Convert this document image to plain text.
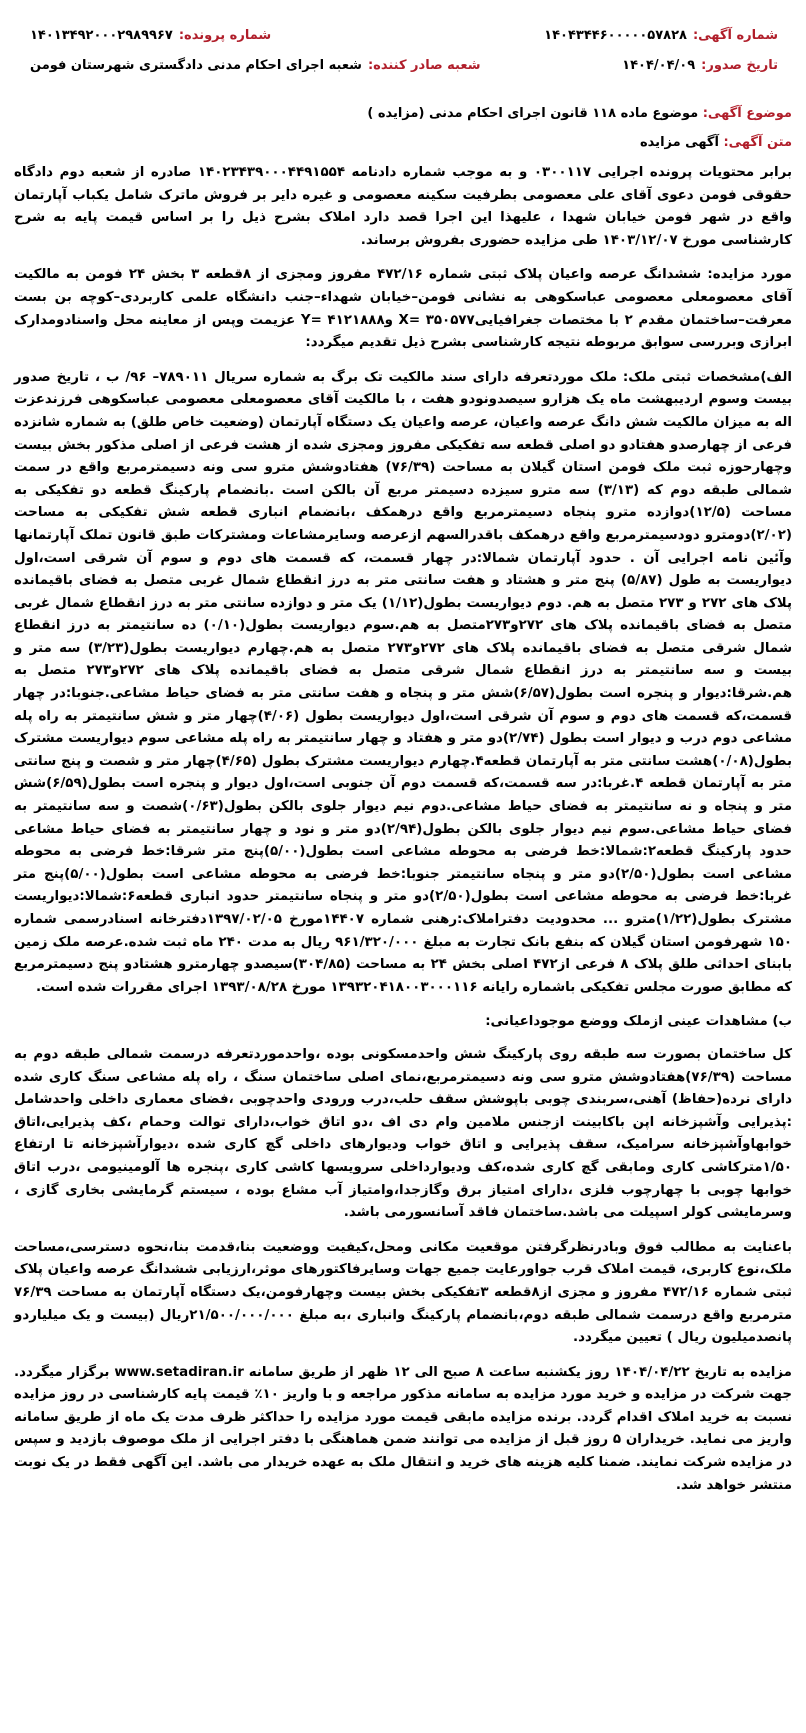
شماره آگهی:
۱۴۰۴۳۴۴۶۰۰۰۰۰۵۷۸۲۸
شماره پرونده:
۱۴۰۱۳۴۹۲۰۰۰۲۹۸۹۹۶۷
تاریخ صدور:
۱۴۰۴/۰۴/۰۹
شعبه صادر کننده:
شعبه اجرای احکام مدنی دادگستری شهرستان فومن
موضوع آگهی: موضوع ماده ۱۱۸ قانون اجرای احکام مدنی (مزایده )
متن آگهی: آگهی مزایده

برابر محتویات پرونده اجرایی ۰۳۰۰۱۱۷ و به موجب شماره دادنامه ۱۴۰۲۳۴۳۹۰۰۰۴۴۹۱۵۵۴ صادره از شعبه دوم دادگاه حقوقی فومن دعوی آقای علی معصومی بطرفیت سکینه معصومی و غیره دایر بر فروش ماترک شامل یکباب آپارتمان واقع در شهر فومن خیابان شهدا ، علیهذا این اجرا قصد دارد املاک بشرح ذیل را بر اساس قیمت پایه به شرح کارشناسی مورخ ۱۴۰۳/۱۲/۰۷ طی مزایده حضوری بفروش برساند.

مورد مزایده: ششدانگ عرصه واعیان پلاک ثبتی شماره ۴۷۲/۱۶ مفروز ومجزی از ۸قطعه ۳ بخش ۲۴ فومن به مالکیت آقای معصومعلی معصومی عباسکوهی به نشانی فومن–خیابان شهداء–جنب دانشگاه علمی کاربردی–کوچه بن بست معرفت–ساختمان مقدم ۲ با مختصات جغرافیایی۳۵۰۵۷۷ =X و۴۱۲۱۸۸۸ =Y عزیمت وپس از معاینه محل واسنادومدارک ابرازی وبررسی سوابق مربوطه نتیجه کارشناسی بشرح ذیل تقدیم میگردد:

الف)مشخصات ثبتی ملک: ملک موردتعرفه دارای سند مالکیت تک برگ به شماره سریال ۷۸۹۰۱۱– ۹۶/ ب ، تاریخ صدور بیست وسوم اردیبهشت ماه یک هزارو سیصدونودو هفت ، با مالکیت آقای معصومعلی معصومی عباسکوهی فرزندعزت اله به میزان مالکیت شش دانگ عرصه واعیان، عرصه واعیان یک دستگاه آپارتمان (وضعیت خاص طلق) به شماره شانزده فرعی از چهارصدو هفتادو دو اصلی قطعه سه تفکیکی مفروز ومجزی شده از هشت فرعی از اصلی مذکور بخش بیست وچهارحوزه ثبت ملک فومن استان گیلان به مساحت (۷۶/۳۹) هفتادوشش مترو سی ونه دسیمترمربع واقع در سمت شمالی طبقه دوم که (۳/۱۳) سه مترو سیزده دسیمتر مربع آن بالکن است .بانضمام پارکینگ قطعه دو تفکیکی به مساحت (۱۲/۵)دوازده مترو پنجاه دسیمترمربع واقع درهمکف ،بانضمام انباری قطعه شش تفکیکی به مساحت (۲/۰۲)دومترو دودسیمترمربع واقع درهمکف باقدرالسهم ازعرصه وسایرمشاعات ومشترکات طبق قانون تملک آپارتمانها وآئین نامه اجرایی آن . حدود آپارتمان شمالا:در چهار قسمت، که قسمت های دوم و سوم آن شرقی است،اول دیواریست به طول (۵/۸۷) پنج متر و هشتاد و هفت سانتی متر به درز انقطاع شمال غربی متصل به فضای باقیمانده پلاک های ۲۷۲ و ۲۷۳ متصل به هم. دوم دیواریست بطول(۱/۱۲) یک متر و دوازده سانتی متر به درز انقطاع شمال غربی متصل به فضای باقیمانده پلاک های ۲۷۲و۲۷۳متصل به هم.سوم دیواریست بطول(۰/۱۰) ده سانتیمتر به درز انقطاع شمال شرقی متصل به فضای باقیمانده پلاک های ۲۷۲و۲۷۳ متصل به هم.چهارم دیواریست بطول(۳/۲۳) سه متر و بیست و سه سانتیمتر به درز انقطاع شمال شرقی متصل به فضای باقیمانده پلاک های ۲۷۲و۲۷۳ متصل به هم.شرقا:دیوار و پنجره است بطول(۶/۵۷)شش متر و پنجاه و هفت سانتی متر به فضای حیاط مشاعی.جنوبا:در چهار قسمت،که قسمت های دوم و سوم آن شرقی است،اول دیواریست بطول (۴/۰۶)چهار متر و شش سانتیمتر به راه پله مشاعی دوم درب و دیوار است بطول (۲/۷۴)دو متر و هفتاد و چهار سانتیمتر به راه پله مشاعی سوم دیواریست مشترک بطول(۰/۰۸)هشت سانتی متر به آپارتمان قطعه۴.چهارم دیواریست مشترک بطول (۴/۶۵)چهار متر و شصت و پنج سانتی متر به آپارتمان قطعه ۴.غربا:در سه قسمت،که قسمت دوم آن جنوبی است،اول دیوار و پنجره است بطول(۶/۵۹)شش متر و پنجاه و نه سانتیمتر به فضای حیاط مشاعی.دوم نیم دیوار جلوی بالکن بطول(۰/۶۳)شصت و سه سانتیمتر به فضای حیاط مشاعی.سوم نیم دیوار جلوی بالکن بطول(۲/۹۴)دو متر و نود و چهار سانتیمتر به فضای حیاط مشاعی حدود پارکینگ قطعه۲:شمالا:خط فرضی به محوطه مشاعی است بطول(۵/۰۰)پنج متر شرقا:خط فرضی به محوطه مشاعی است بطول(۲/۵۰)دو متر و پنجاه سانتیمتر جنوبا:خط فرضی به محوطه مشاعی است بطول(۵/۰۰)پنج متر غربا:خط فرضی به محوطه مشاعی است بطول(۲/۵۰)دو متر و پنجاه سانتیمتر حدود انباری قطعه۶:شمالا:دیواریست مشترک بطول(۱/۲۲)مترو ... محدودیت دفتراملاک:رهنی شماره ۱۴۴۰۷مورخ ۱۳۹۷/۰۲/۰۵دفترخانه اسنادرسمی شماره ۱۵۰ شهرفومن استان گیلان که بنفع بانک تجارت به مبلغ ۹۶۱/۳۲۰/۰۰۰ ریال به مدت ۲۴۰ ماه ثبت شده.عرصه ملک زمین بابنای احداثی طلق پلاک ۸ فرعی از۴۷۲ اصلی بخش ۲۴ به مساحت (۳۰۴/۸۵)سیصدو چهارمترو هشتادو پنج دسیمترمربع که مطابق صورت مجلس تفکیکی باشماره رایانه ۱۳۹۳۲۰۴۱۸۰۰۳۰۰۰۱۱۶ مورخ ۱۳۹۳/۰۸/۲۸ اجرای مقررات شده است.

ب) مشاهدات عینی ازملک ووضع موجوداعیانی:

کل ساختمان بصورت سه طبقه روی پارکینگ شش واحدمسکونی بوده ،واحدموردتعرفه درسمت شمالی طبقه دوم به مساحت (۷۶/۳۹)هفتادوشش مترو سی ونه دسیمترمربع،نمای اصلی ساختمان سنگ ، راه پله مشاعی سنگ کاری شده دارای نرده(حفاظ) آهنی،سربندی چوبی باپوشش سقف حلب،درب ورودی واحدچوبی ،فضای معماری داخلی واحدشامل :پذیرایی وآشپزخانه اپن باکابینت ازجنس ملامین وام دی اف ،دو اتاق خواب،دارای توالت وحمام ،کف پذیرایی،اتاق خوابهاوآشپزخانه سرامیک، سقف پذیرایی و اتاق خواب ودیوارهای داخلی گچ کاری شده ،دیوارآشپزخانه تا ارتفاع ۱/۵۰مترکاشی کاری ومابقی گچ کاری شده،کف ودیوارداخلی سرویسها کاشی کاری ،پنجره ها آلومینیومی ،درب اتاق خوابها چوبی با چهارچوب فلزی ،دارای امتیاز برق وگازجدا،وامتیاز آب مشاع بوده ، سیستم گرمایشی بخاری گازی ، وسرمایشی کولر اسپیلت می باشد.ساختمان فاقد آسانسورمی باشد.

باعنایت به مطالب فوق وبادرنظرگرفتن موقعیت مکانی ومحل،کیفیت ووضعیت بنا،قدمت بنا،نحوه دسترسی،مساحت ملک،نوع کاربری، قیمت املاک قرب جواورعایت جمیع جهات وسایرفاکتورهای موثر،ارزیابی ششدانگ عرصه واعیان پلاک ثبتی شماره ۴۷۲/۱۶ مفروز و مجزی از۸قطعه ۳تفکیکی بخش بیست وچهارفومن،یک دستگاه آپارتمان به مساحت ۷۶/۳۹ مترمربع واقع درسمت شمالی طبقه دوم،بانضمام پارکینگ وانباری ،به مبلغ ۲۱/۵۰۰/۰۰۰/۰۰۰ریال (بیست و یک میلیاردو پانصدمیلیون ریال ) تعیین میگردد.

مزایده به تاریخ ۱۴۰۴/۰۴/۲۲ روز یکشنبه ساعت ۸ صبح الی ۱۲ ظهر از طریق سامانه www.setadiran.ir برگزار میگردد. جهت شرکت در مزایده و خرید مورد مزایده به سامانه مذکور مراجعه و با واریز ۱۰٪ قیمت پایه کارشناسی در روز مزایده نسبت به خرید املاک اقدام گردد. برنده مزایده مابقی قیمت مورد مزایده را حداکثر ظرف مدت یک ماه از طریق سامانه واریز می نماید. خریداران ۵ روز قبل از مزایده می توانند ضمن هماهنگی با دفتر اجرایی از ملک موصوف بازدید و سپس در مزایده شرکت نمایند. ضمنا کلیه هزینه های خرید و انتقال ملک به عهده خریدار می باشد. این آگهی فقط در یک نوبت منتشر خواهد شد.
